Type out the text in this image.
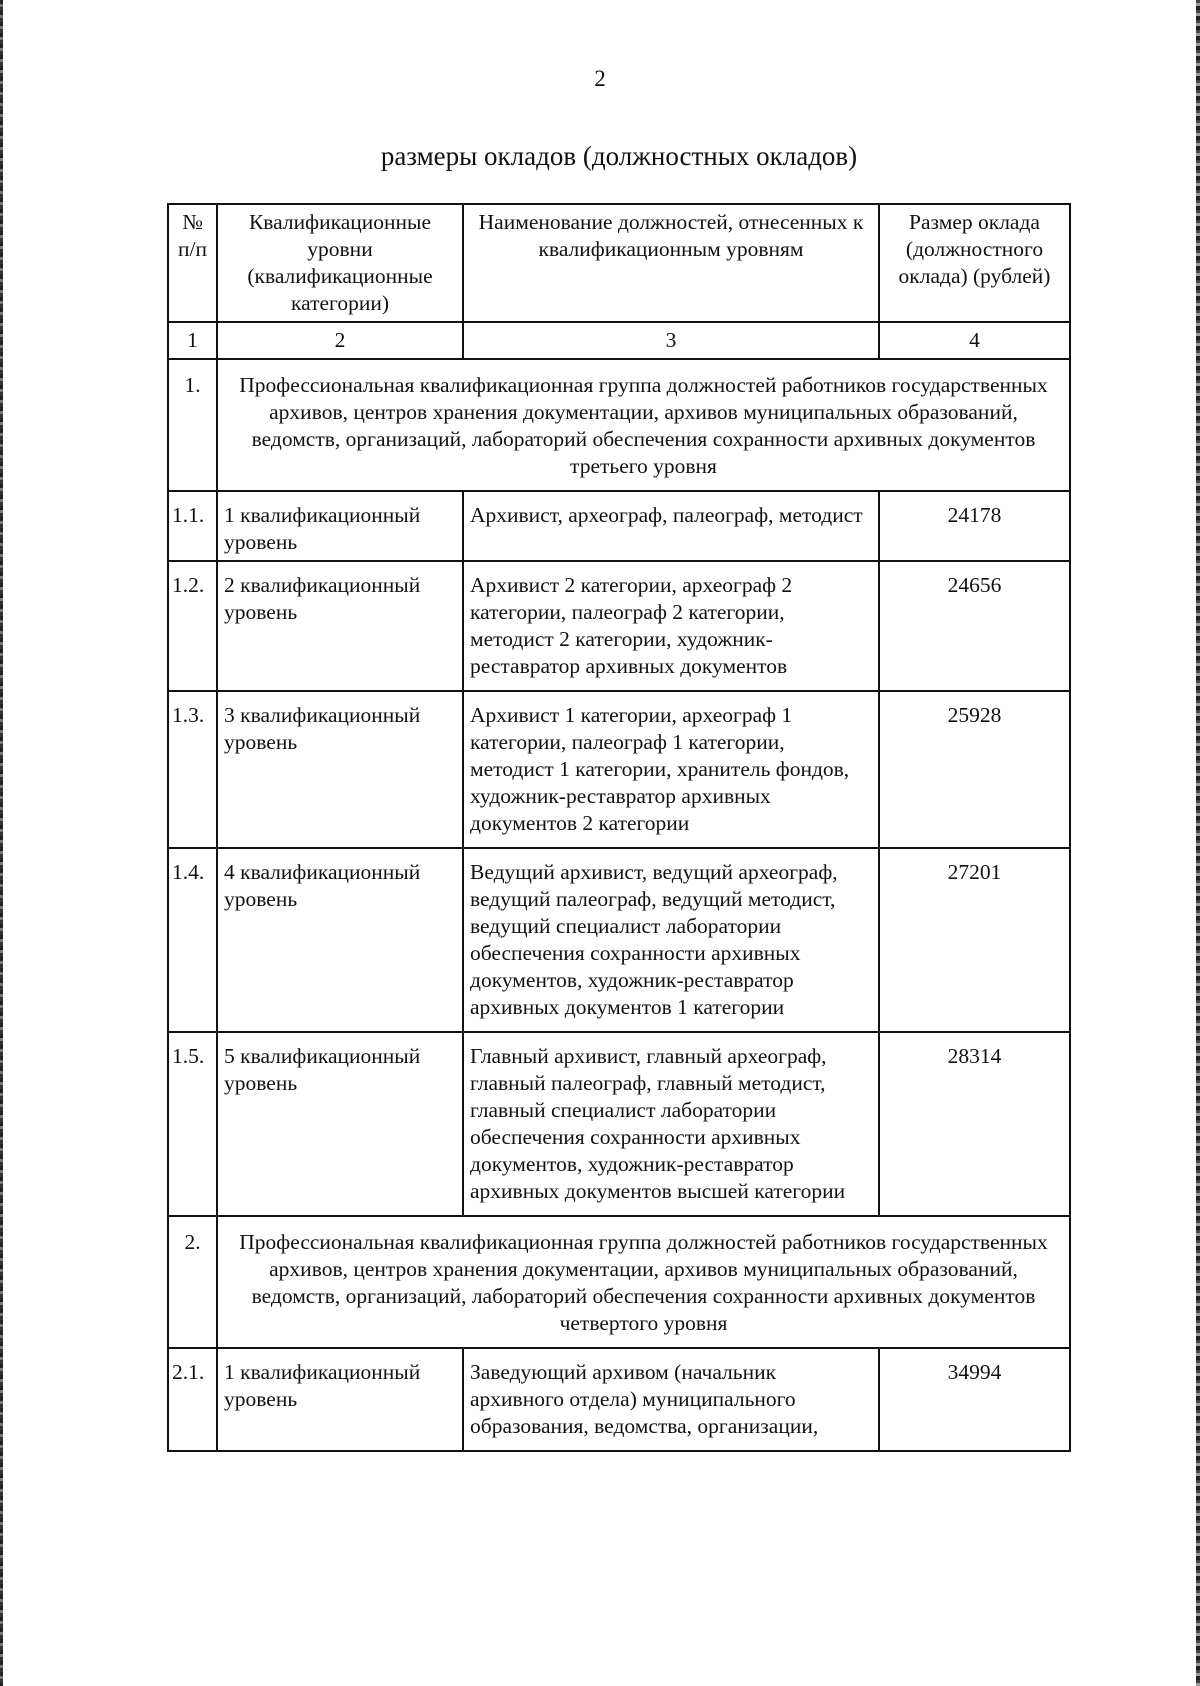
2
размеры окладов (должностных окладов)
№ п/п	Квалификационные уровни (квалификационные категории)	Наименование должностей, отнесенных к квалификационным уровням	Размер оклада (должностного оклада) (рублей)
1	2	3	4
1.	Профессиональная квалификационная группа должностей работников государственных архивов, центров хранения документации, архивов муниципальных образований, ведомств, организаций, лабораторий обеспечения сохранности архивных документов третьего уровня		
1.1.	1 квалификационный уровень	Архивист, археограф, палеограф, методист	24178
1.2.	2 квалификационный уровень	Архивист 2 категории, археограф 2 категории, палеограф 2 категории, методист 2 категории, художник-реставратор архивных документов	24656
1.3.	3 квалификационный уровень	Архивист 1 категории, археограф 1 категории, палеограф 1 категории, методист 1 категории, хранитель фондов, художник-реставратор архивных документов 2 категории	25928
1.4.	4 квалификационный уровень	Ведущий архивист, ведущий археограф, ведущий палеограф, ведущий методист, ведущий специалист лаборатории обеспечения сохранности архивных документов, художник-реставратор архивных документов 1 категории	27201
1.5.	5 квалификационный уровень	Главный архивист, главный археограф, главный палеограф, главный методист, главный специалист лаборатории обеспечения сохранности архивных документов, художник-реставратор архивных документов высшей категории	28314
2.	Профессиональная квалификационная группа должностей работников государственных архивов, центров хранения документации, архивов муниципальных образований, ведомств, организаций, лабораторий обеспечения сохранности архивных документов четвертого уровня		
2.1.	1 квалификационный уровень	Заведующий архивом (начальник архивного отдела) муниципального образования, ведомства, организации,	34994
